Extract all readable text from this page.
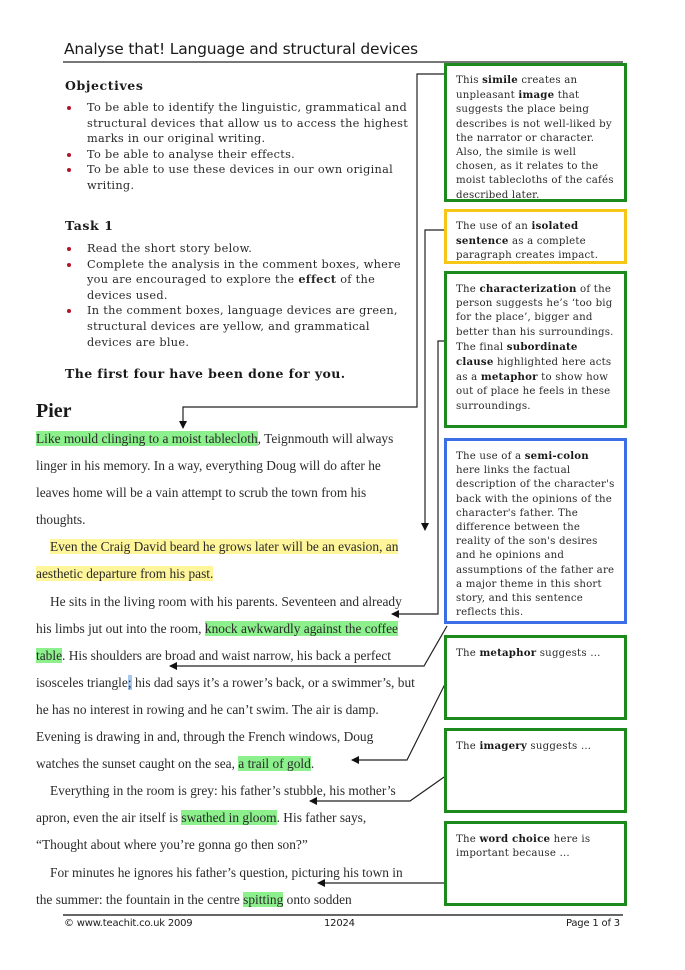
Analyse that! Language and structural devices
Objectives
To be able to identify the linguistic, grammatical and structural devices that allow us to access the highest marks in our original writing.
To be able to analyse their effects.
To be able to use these devices in our own original writing.
Task 1
Read the short story below.
Complete the analysis in the comment boxes, where you are encouraged to explore the effect of the devices used.
In the comment boxes, language devices are green, structural devices are yellow, and grammatical devices are blue.
The first four have been done for you.
Pier

Like mould clinging to a moist tablecloth, Teignmouth will always linger in his memory. In a way, everything Doug will do after he leaves home will be a vain attempt to scrub the town from his thoughts.

Even the Craig David beard he grows later will be an evasion, an aesthetic departure from his past.

He sits in the living room with his parents. Seventeen and already his limbs jut out into the room, knock awkwardly against the coffee table. His shoulders are broad and waist narrow, his back a perfect isosceles triangle; his dad says it’s a rower’s back, or a swimmer’s, but he has no interest in rowing and he can’t swim. The air is damp. Evening is drawing in and, through the French windows, Doug watches the sunset caught on the sea, a trail of gold.

Everything in the room is grey: his father’s stubble, his mother’s apron, even the air itself is swathed in gloom. His father says, “Thought about where you’re gonna go then son?”

For minutes he ignores his father’s question, picturing his town in the summer: the fountain in the centre spitting onto sodden

This simile creates an unpleasant image that suggests the place being describes is not well-liked by the narrator or character. Also, the simile is well chosen, as it relates to the moist tablecloths of the cafés described later.
The use of an isolated sentence as a complete paragraph creates impact.
The characterization of the person suggests he’s ‘too big for the place’, bigger and better than his surroundings. The final subordinate clause highlighted here acts as a metaphor to show how out of place he feels in these surroundings.
The use of a semi-colon here links the factual description of the character's back with the opinions of the character's father. The difference between the reality of the son's desires and he opinions and assumptions of the father are a major theme in this short story, and this sentence reflects this.
The metaphor suggests …
The imagery suggests …
The word choice here is important because …
© www.teachit.co.uk 2009	12024	Page 1 of 3
